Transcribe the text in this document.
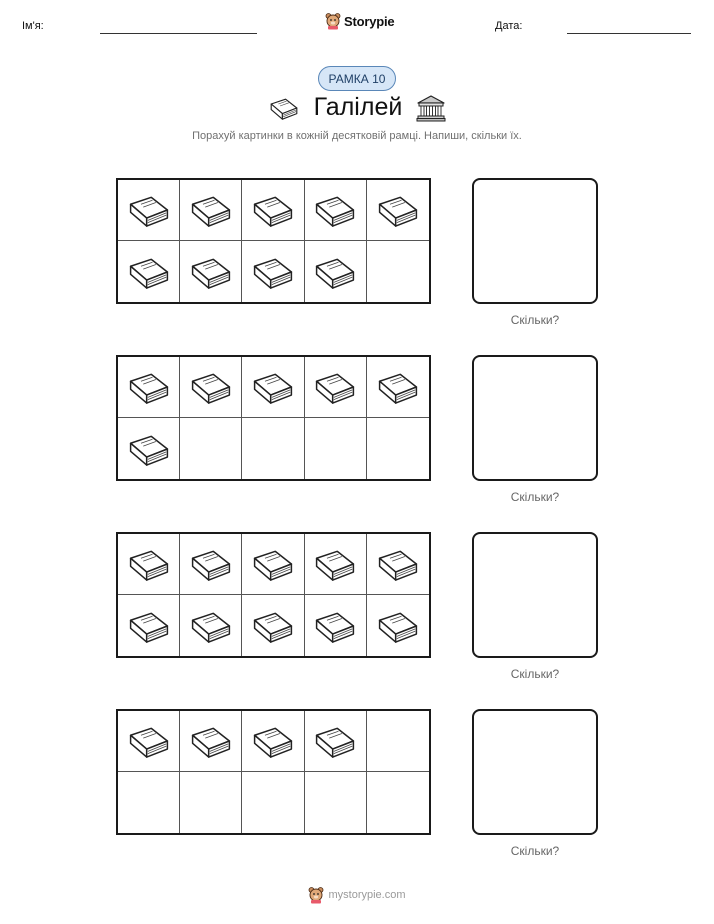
Ім'я:	Storypie	Дата:
РАМКА 10
Галілей
Порахуй картинки в кожній десятковій рамці. Напиши, скільки їх.
Скільки?
Скільки?
Скільки?
Скільки?
mystorypie.com
